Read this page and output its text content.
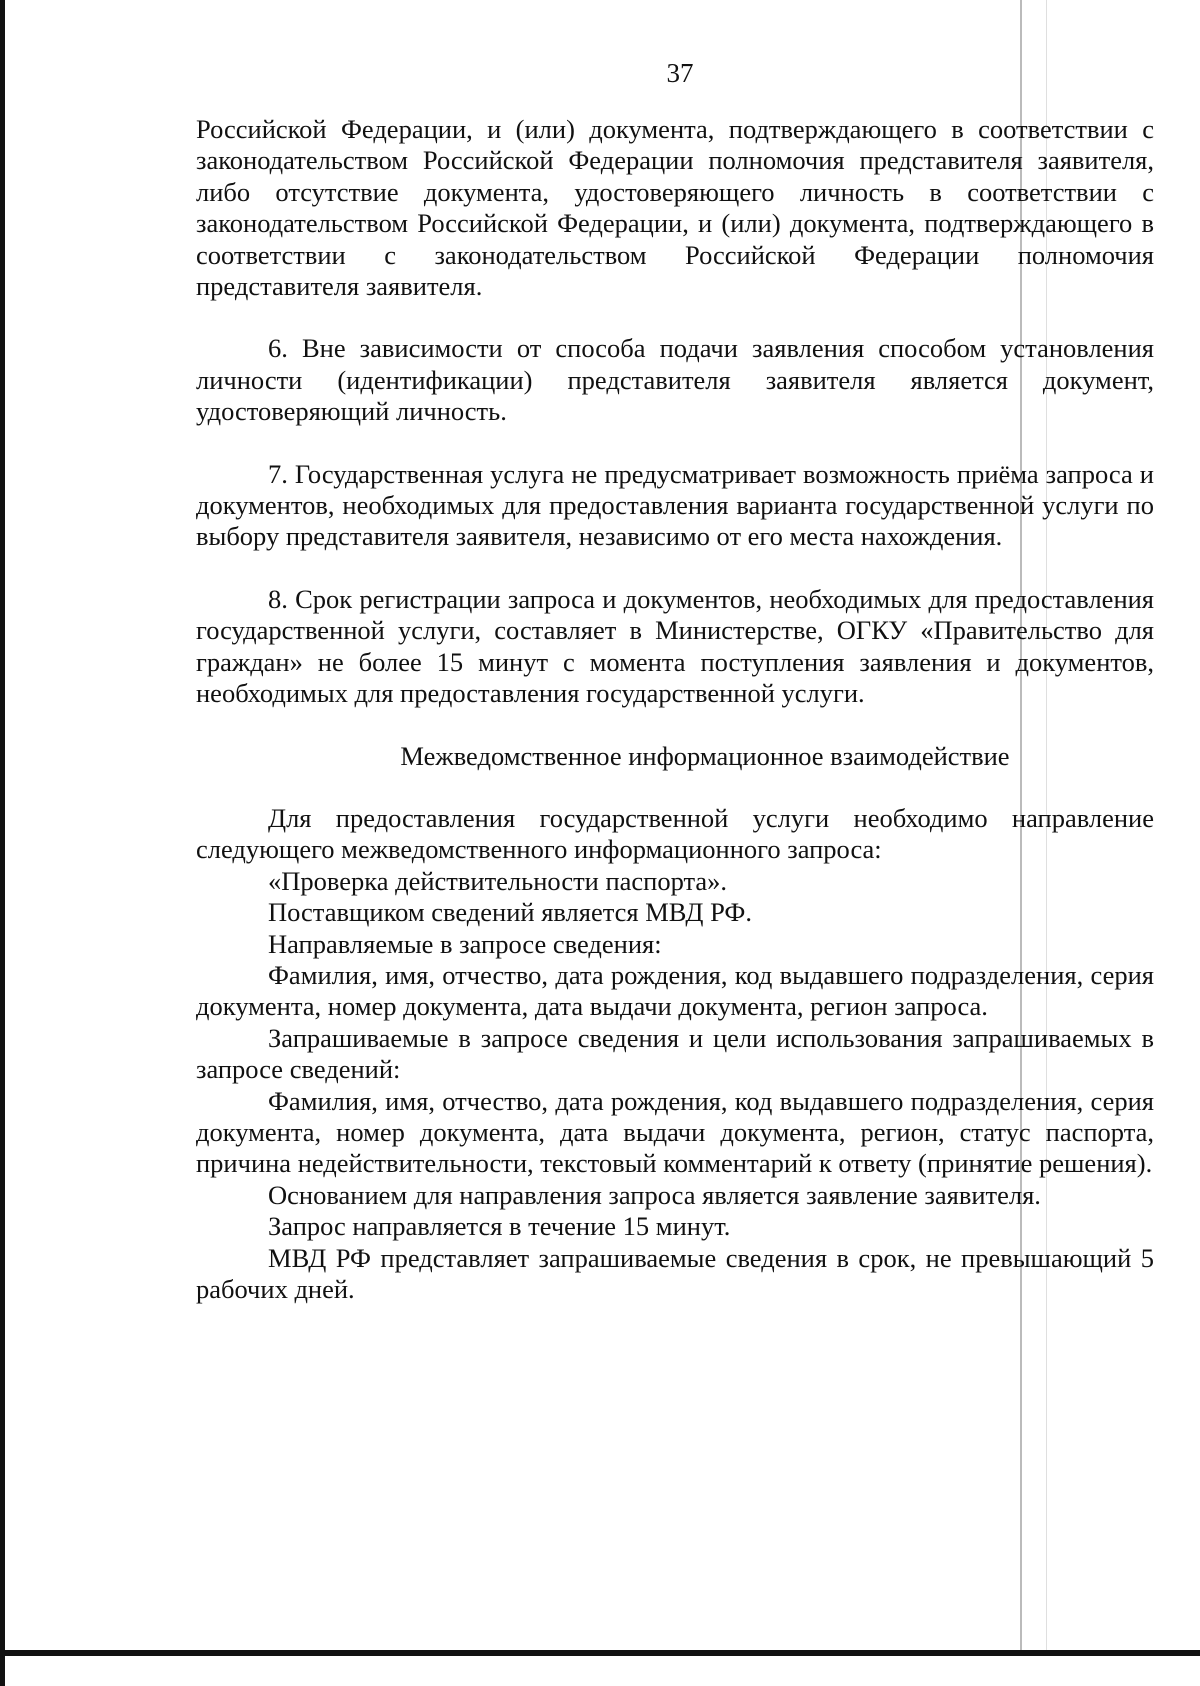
37

Российской Федерации, и (или) документа, подтверждающего в соответствии с законодательством Российской Федерации полномочия представителя заявителя, либо отсутствие документа, удостоверяющего личность в соответствии с законодательством Российской Федерации, и (или) документа, подтверждающего в соответствии с законодательством Российской Федерации полномочия представителя заявителя.

6. Вне зависимости от способа подачи заявления способом установления личности (идентификации) представителя заявителя является документ, удостоверяющий личность.

7. Государственная услуга не предусматривает возможность приёма запроса и документов, необходимых для предоставления варианта государственной услуги по выбору представителя заявителя, независимо от его места нахождения.

8. Срок регистрации запроса и документов, необходимых для предоставления государственной услуги, составляет в Министерстве, ОГКУ «Правительство для граждан» не более 15 минут с момента поступления заявления и документов, необходимых для предоставления государственной услуги.

Межведомственное информационное взаимодействие

Для предоставления государственной услуги необходимо направление следующего межведомственного информационного запроса:

«Проверка действительности паспорта».

Поставщиком сведений является МВД РФ.

Направляемые в запросе сведения:

Фамилия, имя, отчество, дата рождения, код выдавшего подразделения, серия документа, номер документа, дата выдачи документа, регион запроса.

Запрашиваемые в запросе сведения и цели использования запрашиваемых в запросе сведений:

Фамилия, имя, отчество, дата рождения, код выдавшего подразделения, серия документа, номер документа, дата выдачи документа, регион, статус паспорта, причина недействительности, текстовый комментарий к ответу (принятие решения).

Основанием для направления запроса является заявление заявителя.

Запрос направляется в течение 15 минут.

МВД РФ представляет запрашиваемые сведения в срок, не превышающий 5 рабочих дней.
